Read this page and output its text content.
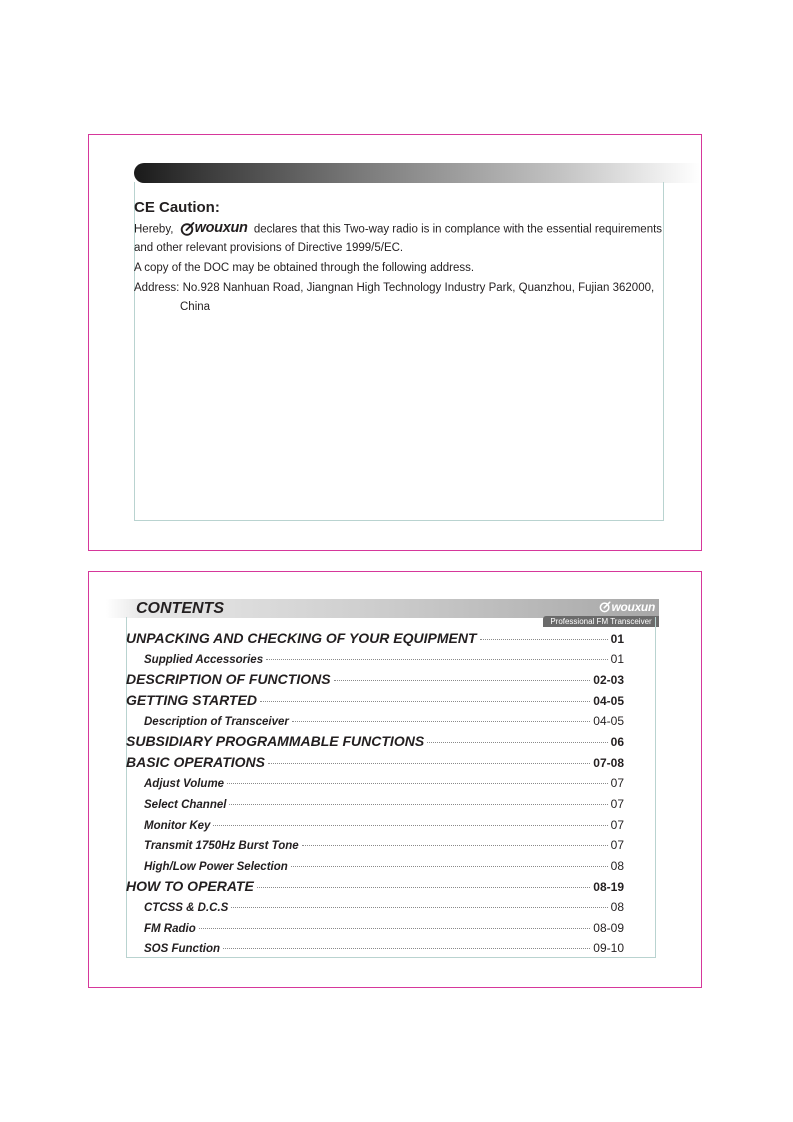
CE Caution:

Hereby, wouxun declares that this Two-way radio is in complance with the essential requirements

and other relevant provisions of Directive 1999/5/EC.

A copy of the DOC may be obtained through the following address.

Address: No.928 Nanhuan Road, Jiangnan High Technology Industry Park, Quanzhou, Fujian 362000,

China

CONTENTS	wouxun
Professional FM Transceiver
UNPACKING AND CHECKING OF YOUR EQUIPMENT	01
Supplied Accessories	01
DESCRIPTION OF FUNCTIONS	02-03
GETTING STARTED	04-05
Description of Transceiver	04-05
SUBSIDIARY PROGRAMMABLE FUNCTIONS	06
BASIC OPERATIONS	07-08
Adjust Volume	07
Select Channel	07
Monitor Key	07
Transmit 1750Hz Burst Tone	07
High/Low Power Selection	08
HOW TO OPERATE	08-19
CTCSS & D.C.S	08
FM Radio	08-09
SOS Function	09-10
